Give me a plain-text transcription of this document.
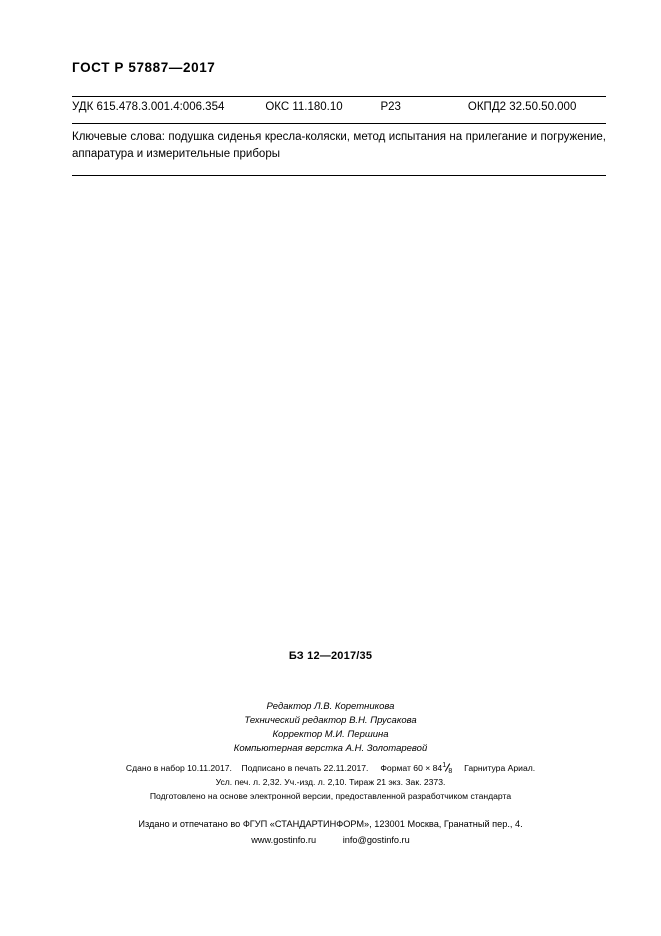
ГОСТ Р 57887—2017
УДК 615.478.3.001.4:006.354	ОКС 11.180.10	Р23	ОКПД2 32.50.50.000
Ключевые слова: подушка сиденья кресла-коляски, метод испытания на прилегание и погружение, аппаратура и измерительные приборы
БЗ 12—2017/35
Редактор Л.В. Коретникова
Технический редактор В.Н. Прусакова
Корректор М.И. Першина
Компьютерная верстка А.Н. Золотаревой
Сдано в набор 10.11.2017. Подписано в печать 22.11.2017. Формат 60 × 84 1
8 Гарнитура Ариал.
Усл. печ. л. 2,32. Уч.-изд. л. 2,10. Тираж 21 экз. Зак. 2373.
Подготовлено на основе электронной версии, предоставленной разработчиком стандарта
Издано и отпечатано во ФГУП «СТАНДАРТИНФОРМ», 123001 Москва, Гранатный пер., 4.
www.gostinfo.ru	info@gostinfo.ru
